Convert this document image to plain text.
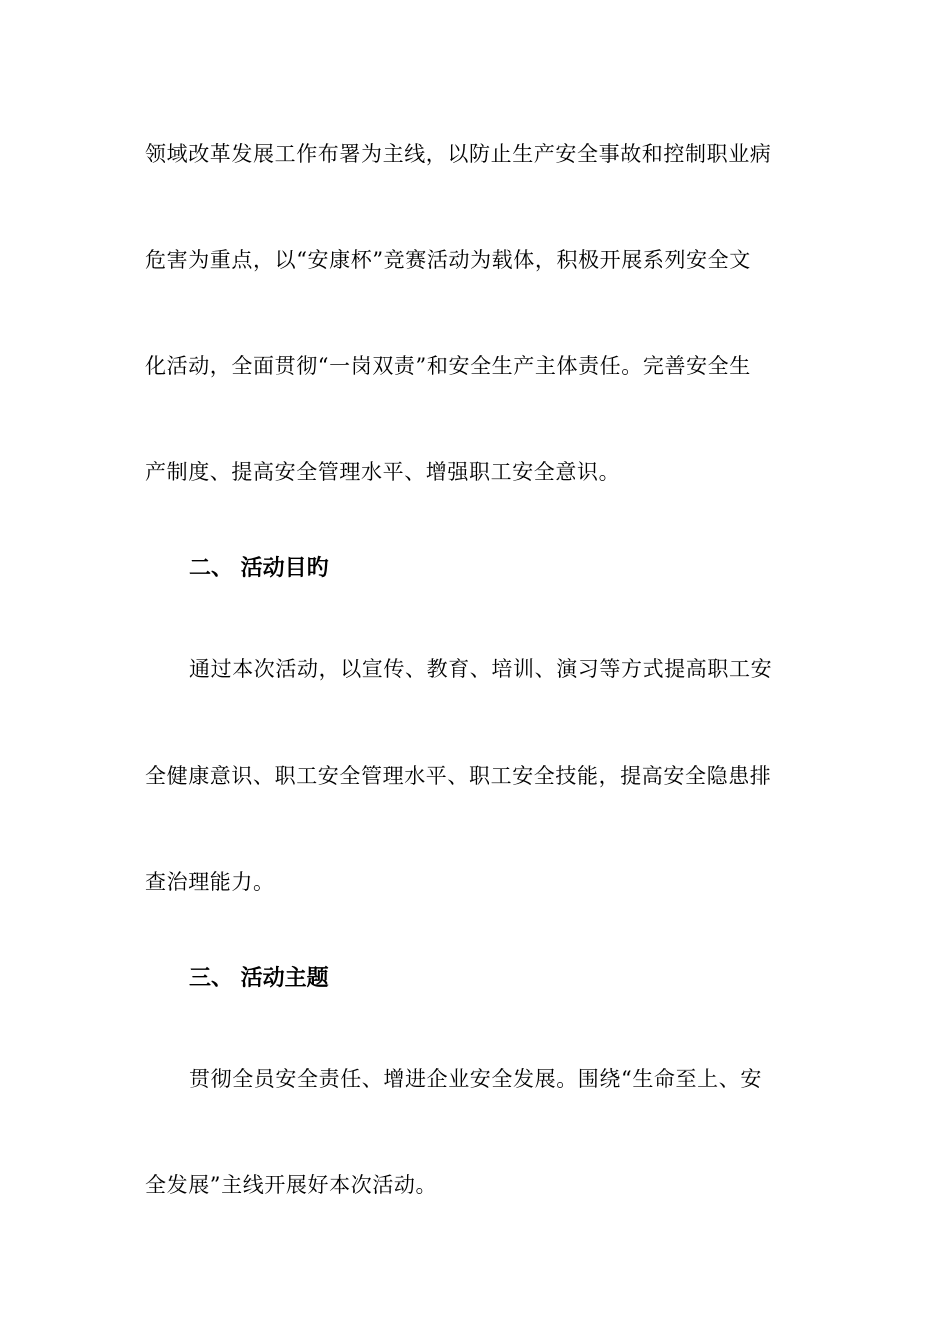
领域改革发展工作布署为主线，以防止生产安全事故和控制职业病
危害为重点，以“安康杯”竞赛活动为载体，积极开展系列安全文
化活动，全面贯彻“一岗双责”和安全生产主体责任。完善安全生
产制度、提高安全管理水平、增强职工安全意识。
二、 活动目旳
通过本次活动，以宣传、教育、培训、演习等方式提高职工安
全健康意识、职工安全管理水平、职工安全技能，提高安全隐患排
查治理能力。
三、 活动主题
贯彻全员安全责任、增进企业安全发展。围绕“生命至上、安
全发展”主线开展好本次活动。
